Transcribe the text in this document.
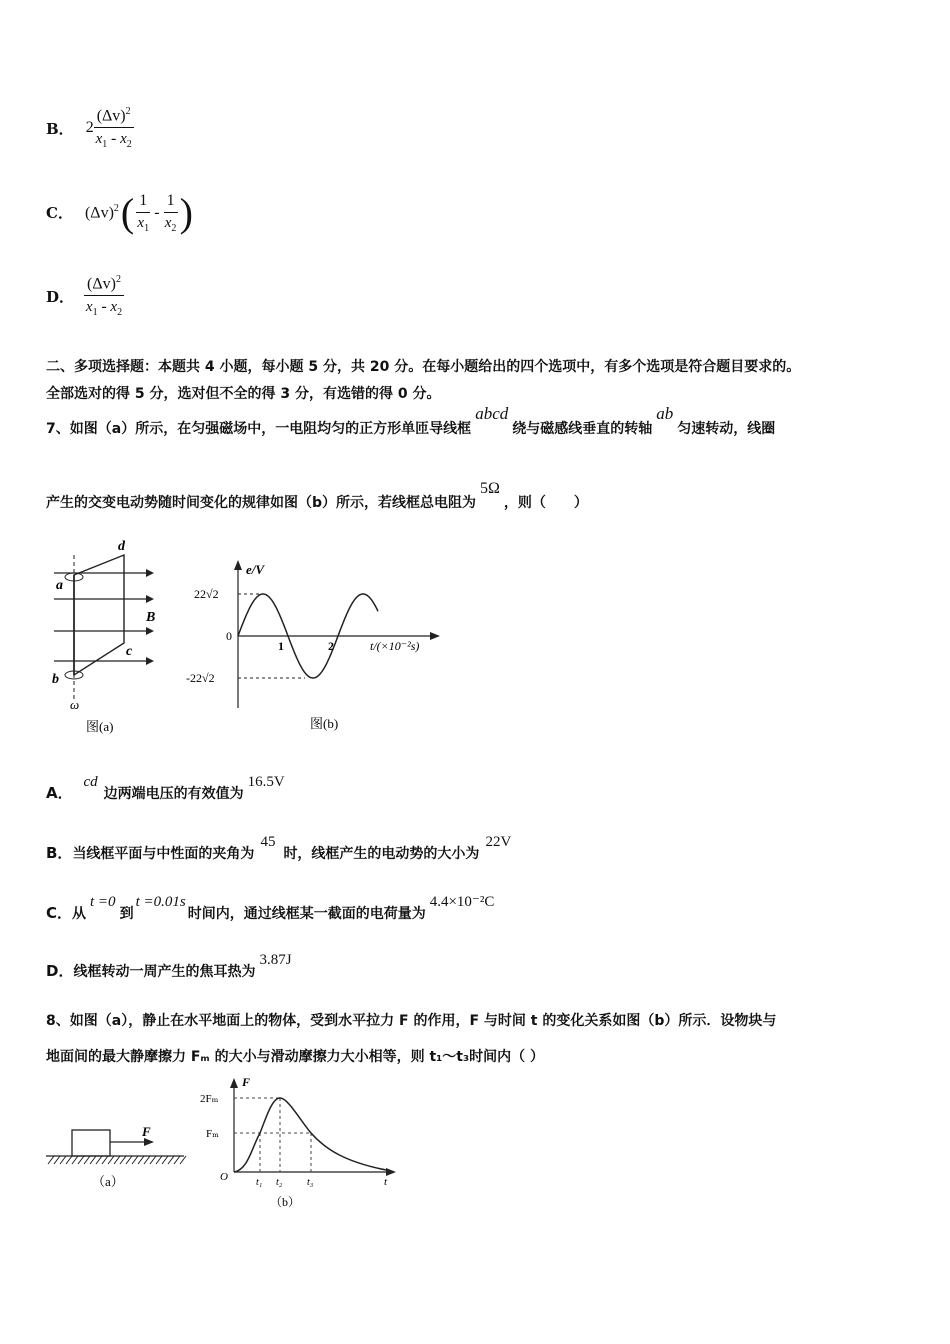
B． $2 \frac{(\Delta v)^2}{x_1 - x_2}$
C． $(\Delta v)^2$ ( $\frac{1}{x_1} - \frac{1}{x_2}$ )
D． $\frac{(\Delta v)^2}{x_1 - x_2}$
二、多项选择题：本题共 4 小题，每小题 5 分，共 20 分。在每小题给出的四个选项中，有多个选项是符合题目要求的。
全部选对的得 5 分，选对但不全的得 3 分，有选错的得 0 分。
7、如图（a）所示，在匀强磁场中，一电阻均匀的正方形单匝导线框abcd绕与磁感线垂直的转轴ab匀速转动，线圈
产生的交变电动势随时间变化的规律如图（b）所示，若线框总电阻为5Ω，则（　　）
d
a
B
c
b
ω
图(a)
e/V
22√2
-22√2
0
1	2	t/(×10⁻²s)
图(b)
A． cd边两端电压的有效值为16.5V
B．当线框平面与中性面的夹角为45时，线框产生的电动势的大小为22V
C．从t =0到t =0.01s时间内，通过线框某一截面的电荷量为4.4×10⁻²C
D．线框转动一周产生的焦耳热为3.87J
8、如图（a），静止在水平地面上的物体，受到水平拉力 F 的作用，F 与时间 t 的变化关系如图（b）所示．设物块与
地面间的最大静摩擦力 Fₘ 的大小与滑动摩擦力大小相等，则 t₁～t₃时间内（ ）
F
（a）
F
2Fₘ
Fₘ
O	t₁ t₂ t₃	t
（b）
